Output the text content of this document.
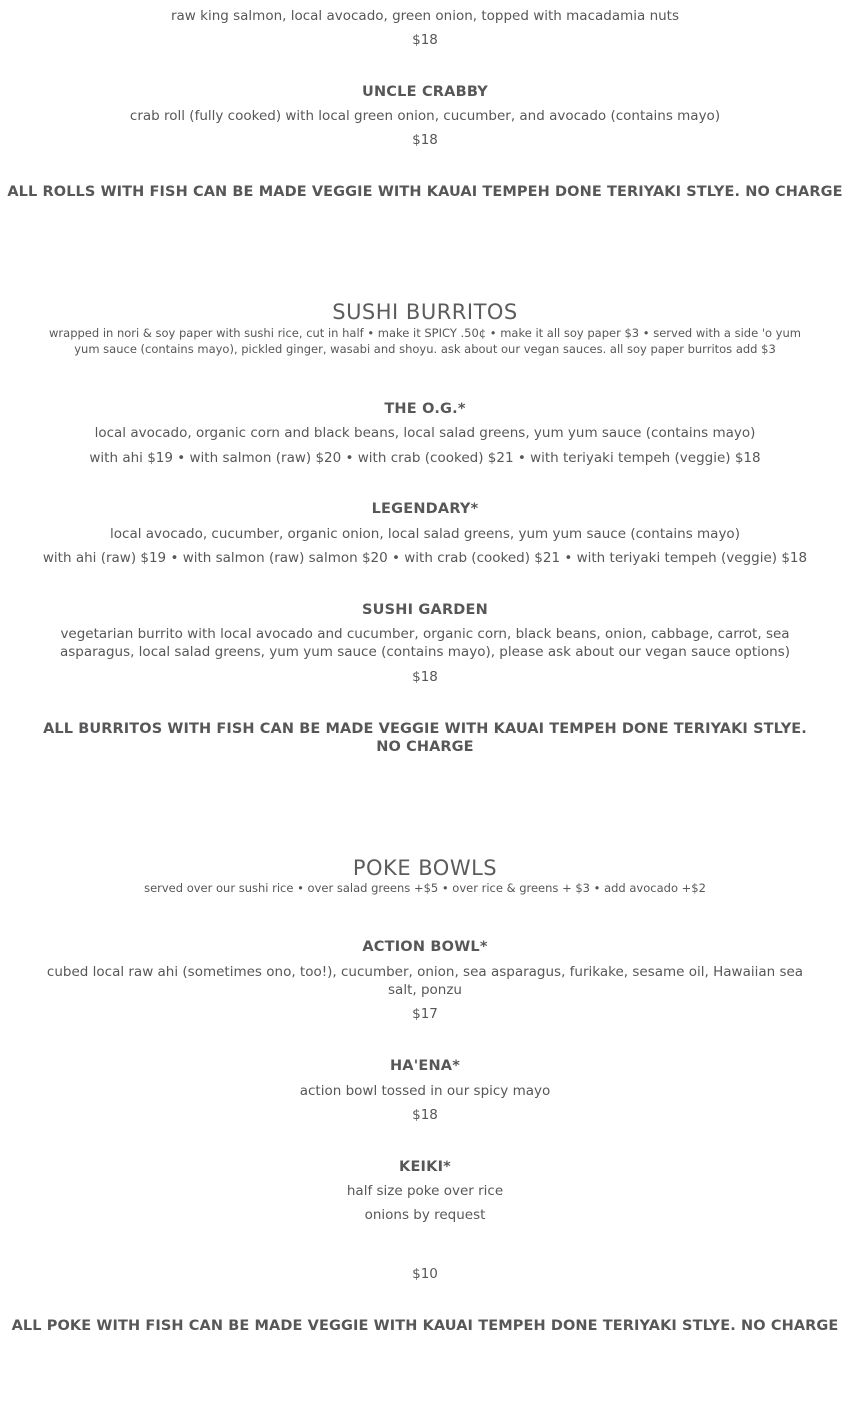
raw king salmon, local avocado, green onion, topped with macadamia nuts

$18

UNCLE CRABBY

crab roll (fully cooked) with local green onion, cucumber, and avocado (contains mayo)

$18

ALL ROLLS WITH FISH CAN BE MADE VEGGIE WITH KAUAI TEMPEH DONE TERIYAKI STLYE. NO CHARGE

SUSHI BURRITOS

wrapped in nori & soy paper with sushi rice, cut in half • make it SPICY .50¢ • make it all soy paper $3 • served with a side 'o yum yum sauce (contains mayo), pickled ginger, wasabi and shoyu. ask about our vegan sauces. all soy paper burritos add $3

THE O.G.*

local avocado, organic corn and black beans, local salad greens, yum yum sauce (contains mayo)

with ahi $19 • with salmon (raw) $20 • with crab (cooked) $21 • with teriyaki tempeh (veggie) $18

LEGENDARY*

local avocado, cucumber, organic onion, local salad greens, yum yum sauce (contains mayo)

with ahi (raw) $19 • with salmon (raw) salmon $20 • with crab (cooked) $21 • with teriyaki tempeh (veggie) $18

SUSHI GARDEN

vegetarian burrito with local avocado and cucumber, organic corn, black beans, onion, cabbage, carrot, sea asparagus, local salad greens, yum yum sauce (contains mayo), please ask about our vegan sauce options)

$18

ALL BURRITOS WITH FISH CAN BE MADE VEGGIE WITH KAUAI TEMPEH DONE TERIYAKI STLYE. NO CHARGE

POKE BOWLS

served over our sushi rice • over salad greens +$5 • over rice & greens + $3 • add avocado +$2

ACTION BOWL*

cubed local raw ahi (sometimes ono, too!), cucumber, onion, sea asparagus, furikake, sesame oil, Hawaiian sea salt, ponzu

$17

HA'ENA*

action bowl tossed in our spicy mayo

$18

KEIKI*

half size poke over rice

onions by request

$10

ALL POKE WITH FISH CAN BE MADE VEGGIE WITH KAUAI TEMPEH DONE TERIYAKI STLYE. NO CHARGE
